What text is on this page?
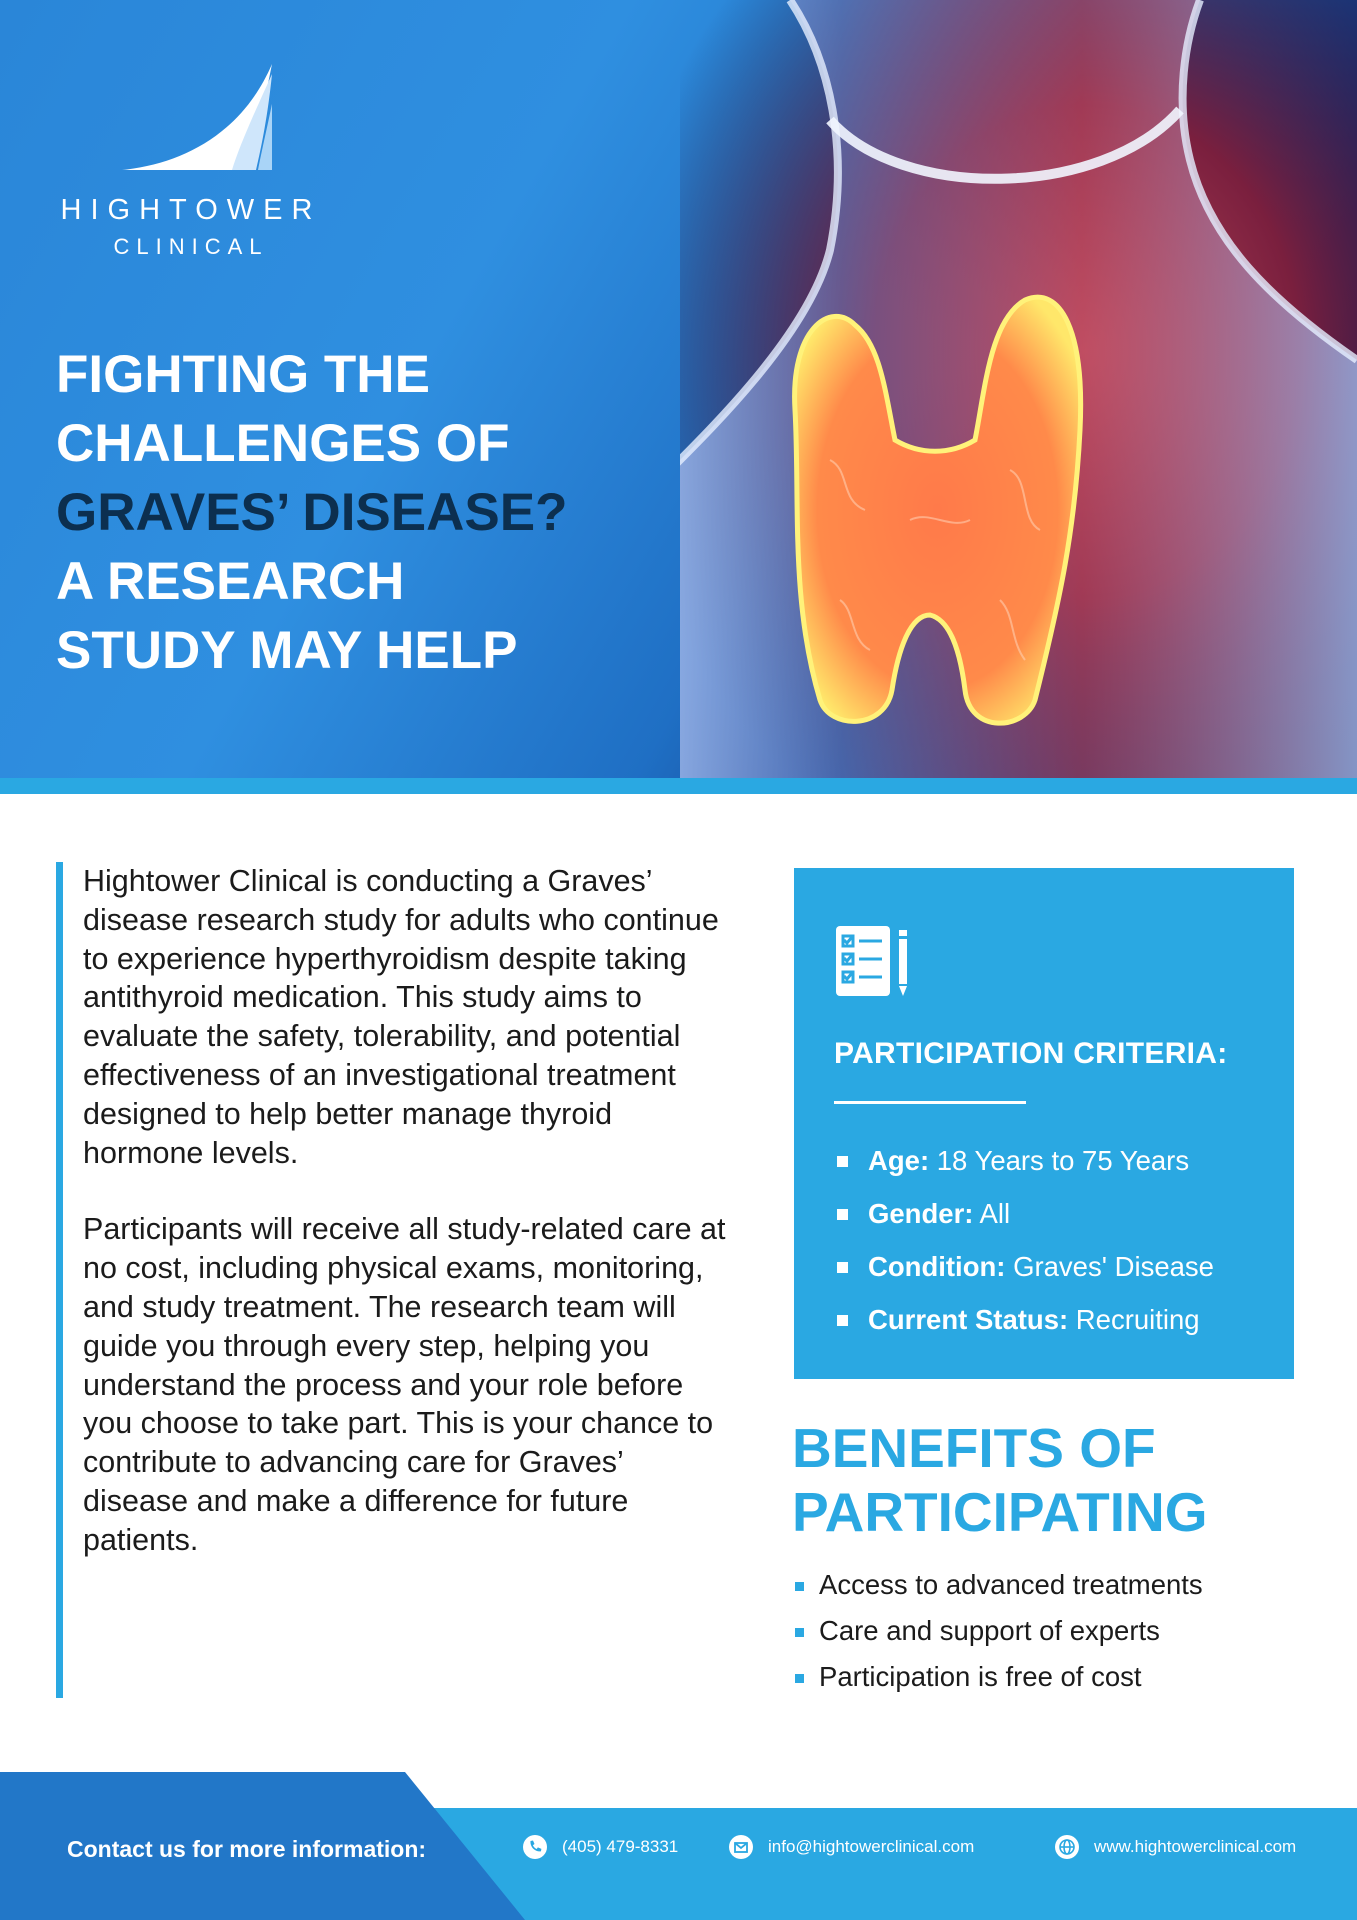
HIGHTOWER
CLINICAL
FIGHTING THE
CHALLENGES OF
GRAVES’ DISEASE?
A RESEARCH
STUDY MAY HELP

Hightower Clinical is conducting a Graves’ disease research study for adults who continue to experience hyperthyroidism despite taking antithyroid medication. This study aims to evaluate the safety, tolerability, and potential effectiveness of an investigational treatment designed to help better manage thyroid hormone levels.

Participants will receive all study-related care at no cost, including physical exams, monitoring, and study treatment. The research team will guide you through every step, helping you understand the process and your role before you choose to take part. This is your chance to contribute to advancing care for Graves’ disease and make a difference for future patients.

PARTICIPATION CRITERIA:
Age: 18 Years to 75 Years
Gender: All
Condition: Graves' Disease
Current Status: Recruiting
BENEFITS OF
PARTICIPATING
Access to advanced treatments
Care and support of experts
Participation is free of cost
Contact us for more information:	(405) 479-8331	info@hightowerclinical.com	www.hightowerclinical.com
